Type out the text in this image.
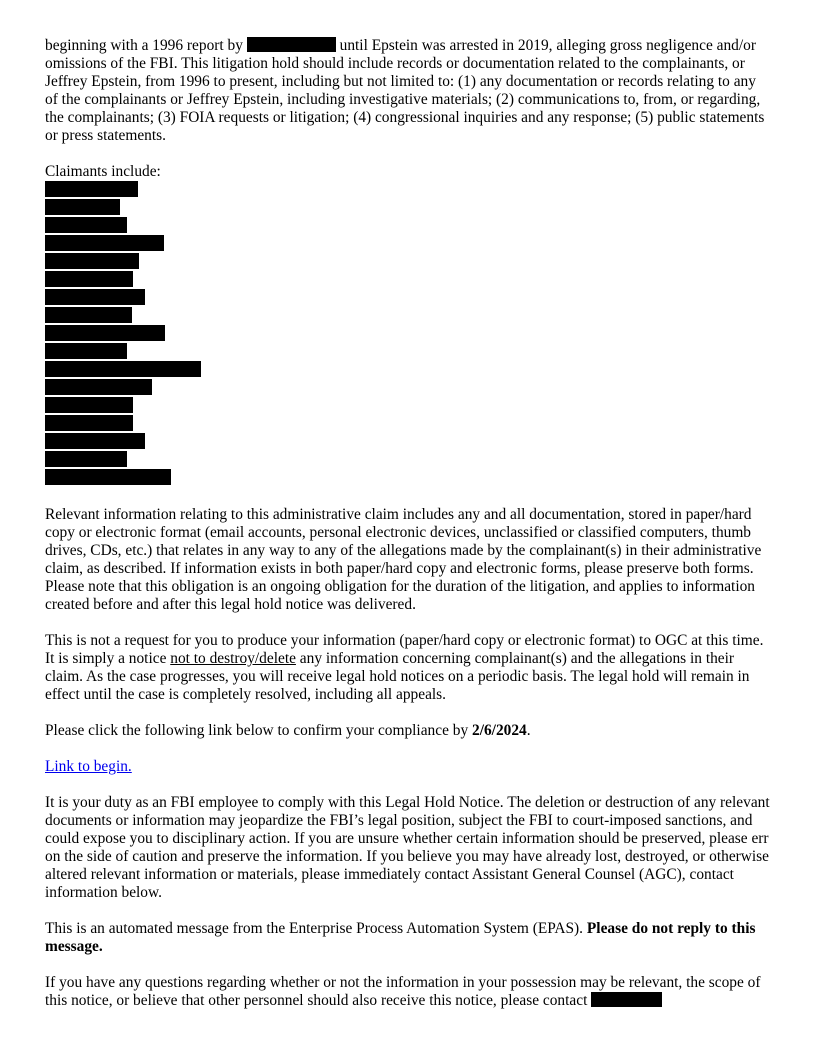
beginning with a 1996 report by	until Epstein was arrested in 2019, alleging gross negligence and/or omissions of the FBI. This litigation hold should include records or documentation related to the complainants, or Jeffrey Epstein, from 1996 to present, including but not limited to: (1) any documentation or records relating to any of the complainants or Jeffrey Epstein, including investigative materials; (2) communications to, from, or regarding, the complainants; (3) FOIA requests or litigation; (4) congressional inquiries and any response; (5) public statements or press statements.

Claimants include:

Relevant information relating to this administrative claim includes any and all documentation, stored in paper/hard copy or electronic format (email accounts, personal electronic devices, unclassified or classified computers, thumb drives, CDs, etc.) that relates in any way to any of the allegations made by the complainant(s) in their administrative claim, as described. If information exists in both paper/hard copy and electronic forms, please preserve both forms. Please note that this obligation is an ongoing obligation for the duration of the litigation, and applies to information created before and after this legal hold notice was delivered.

This is not a request for you to produce your information (paper/hard copy or electronic format) to OGC at this time. It is simply a notice not to destroy/delete any information concerning complainant(s) and the allegations in their claim. As the case progresses, you will receive legal hold notices on a periodic basis. The legal hold will remain in effect until the case is completely resolved, including all appeals.

Please click the following link below to confirm your compliance by 2/6/2024.

Link to begin.

It is your duty as an FBI employee to comply with this Legal Hold Notice. The deletion or destruction of any relevant documents or information may jeopardize the FBI’s legal position, subject the FBI to court-imposed sanctions, and could expose you to disciplinary action. If you are unsure whether certain information should be preserved, please err on the side of caution and preserve the information. If you believe you may have already lost, destroyed, or otherwise altered relevant information or materials, please immediately contact Assistant General Counsel (AGC), contact information below.

This is an automated message from the Enterprise Process Automation System (EPAS). Please do not reply to this message.

If you have any questions regarding whether or not the information in your possession may be relevant, the scope of this notice, or believe that other personnel should also receive this notice, please contact
